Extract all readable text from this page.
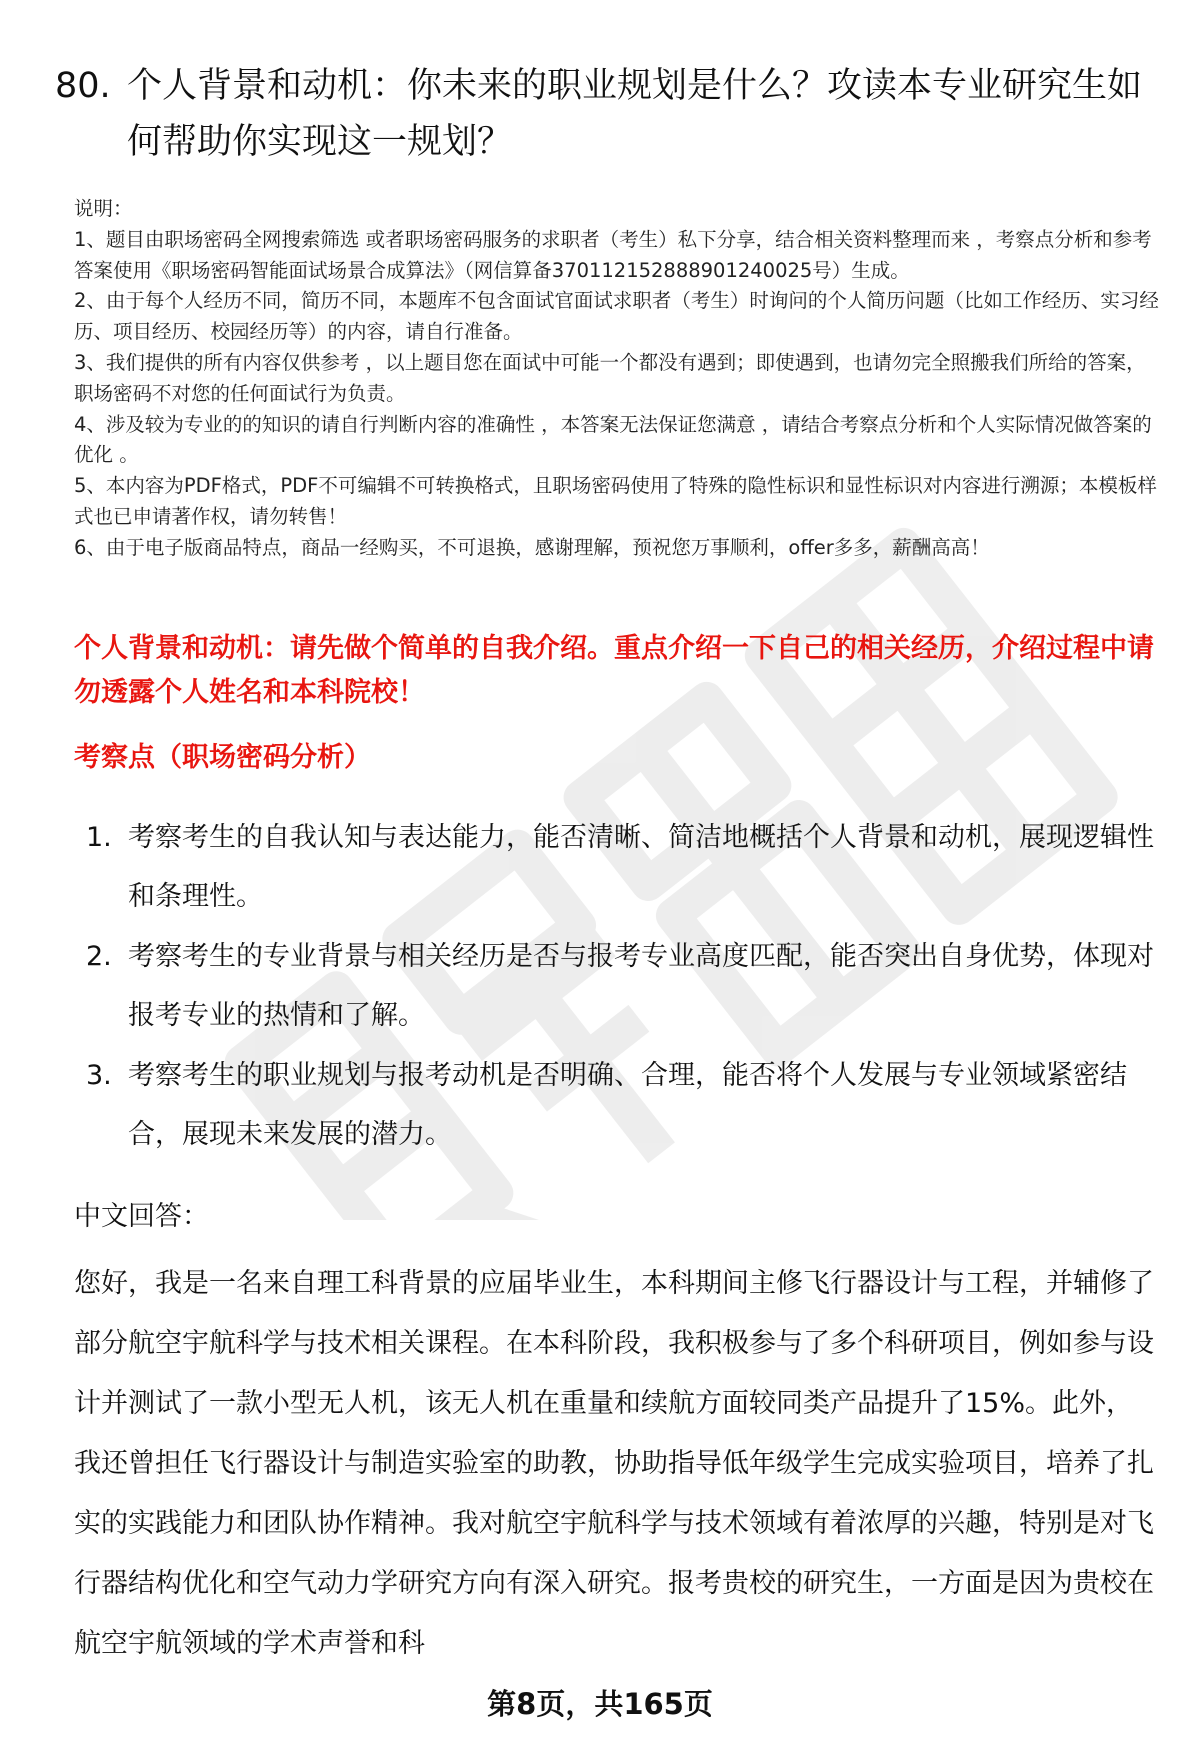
80. 个人背景和动机：你未来的职业规划是什么？攻读本专业研究生如何帮助你实现这一规划？

说明：

1、题目由职场密码全网搜索筛选 或者职场密码服务的求职者（考生）私下分享，结合相关资料整理而来 ，考察点分析和参考答案使用《职场密码智能面试场景合成算法》（网信算备370112152888901240025号）生成。

2、由于每个人经历不同，简历不同，本题库不包含面试官面试求职者（考生）时询问的个人简历问题（比如工作经历、实习经历、项目经历、校园经历等）的内容，请自行准备。

3、我们提供的所有内容仅供参考 ，以上题目您在面试中可能一个都没有遇到；即使遇到，也请勿完全照搬我们所给的答案，职场密码不对您的任何面试行为负责。

4、涉及较为专业的的知识的请自行判断内容的准确性 ，本答案无法保证您满意 ，请结合考察点分析和个人实际情况做答案的优化 。

5、本内容为PDF格式，PDF不可编辑不可转换格式，且职场密码使用了特殊的隐性标识和显性标识对内容进行溯源；本模板样式也已申请著作权，请勿转售！

6、由于电子版商品特点，商品一经购买，不可退换，感谢理解，预祝您万事顺利，offer多多，薪酬高高！

个人背景和动机：请先做个简单的自我介绍。重点介绍一下自己的相关经历，介绍过程中请勿透露个人姓名和本科院校！
考察点（职场密码分析）
1. 考察考生的自我认知与表达能力，能否清晰、简洁地概括个人背景和动机，展现逻辑性和条理性。
2. 考察考生的专业背景与相关经历是否与报考专业高度匹配，能否突出自身优势，体现对报考专业的热情和了解。
3. 考察考生的职业规划与报考动机是否明确、合理，能否将个人发展与专业领域紧密结合，展现未来发展的潜力。
中文回答：

您好，我是一名来自理工科背景的应届毕业生，本科期间主修飞行器设计与工程，并辅修了部分航空宇航科学与技术相关课程。在本科阶段，我积极参与了多个科研项目，例如参与设计并测试了一款小型无人机，该无人机在重量和续航方面较同类产品提升了15%。此外，我还曾担任飞行器设计与制造实验室的助教，协助指导低年级学生完成实验项目，培养了扎实的实践能力和团队协作精神。我对航空宇航科学与技术领域有着浓厚的兴趣，特别是对飞行器结构优化和空气动力学研究方向有深入研究。报考贵校的研究生，一方面是因为贵校在航空宇航领域的学术声誉和科

第8页，共165页
